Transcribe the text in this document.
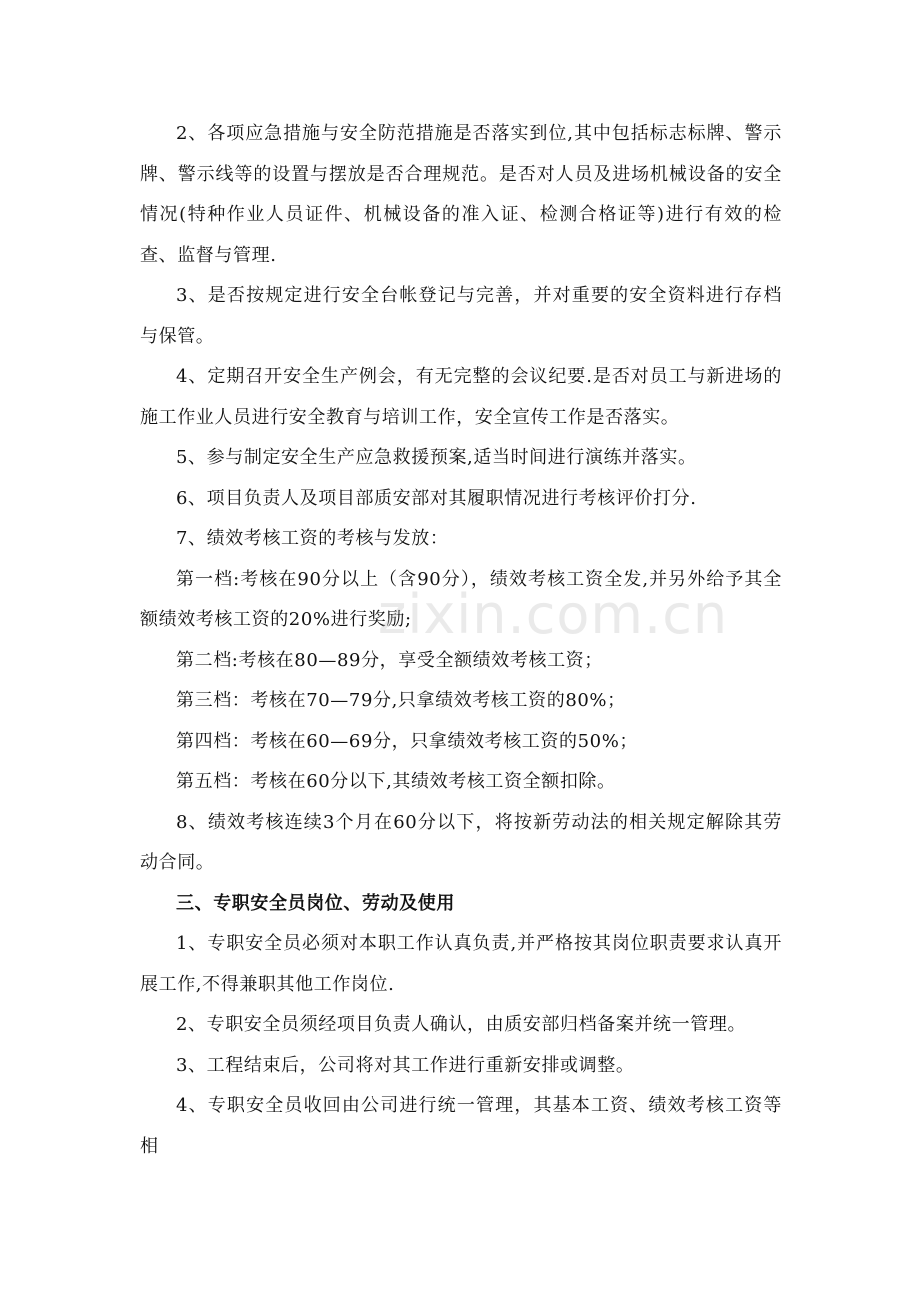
2、各项应急措施与安全防范措施是否落实到位,其中包括标志标牌、警示牌、警示线等的设置与摆放是否合理规范。是否对人员及进场机械设备的安全情况(特种作业人员证件、机械设备的准入证、检测合格证等)进行有效的检查、监督与管理.

3、是否按规定进行安全台帐登记与完善，并对重要的安全资料进行存档与保管。

4、定期召开安全生产例会，有无完整的会议纪要.是否对员工与新进场的施工作业人员进行安全教育与培训工作，安全宣传工作是否落实。

5、参与制定安全生产应急救援预案,适当时间进行演练并落实。

6、项目负责人及项目部质安部对其履职情况进行考核评价打分.

7、绩效考核工资的考核与发放：

第一档:考核在90分以上（含90分），绩效考核工资全发,并另外给予其全额绩效考核工资的20%进行奖励;

第二档:考核在80—89分，享受全额绩效考核工资；

第三档：考核在70—79分,只拿绩效考核工资的80%；

第四档：考核在60—69分，只拿绩效考核工资的50%；

第五档：考核在60分以下,其绩效考核工资全额扣除。

8、绩效考核连续3个月在60分以下，将按新劳动法的相关规定解除其劳动合同。

三、专职安全员岗位、劳动及使用

1、专职安全员必须对本职工作认真负责,并严格按其岗位职责要求认真开展工作,不得兼职其他工作岗位.

2、专职安全员须经项目负责人确认，由质安部归档备案并统一管理。

3、工程结束后，公司将对其工作进行重新安排或调整。

4、专职安全员收回由公司进行统一管理，其基本工资、绩效考核工资等相

zixin.com.cn
